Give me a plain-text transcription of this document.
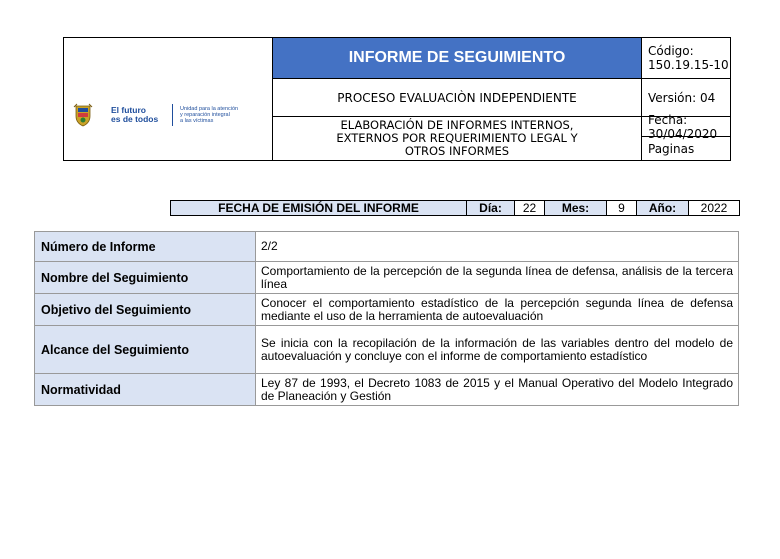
El futuro
es de todos
Unidad para la atención
y reparación integral
a las víctimas
INFORME DE SEGUIMIENTO
PROCESO EVALUACIÒN INDEPENDIENTE
ELABORACIÓN DE INFORMES INTERNOS,
EXTERNOS POR REQUERIMIENTO LEGAL Y
OTROS INFORMES
Código: 150.19.15-10
Versión: 04
Fecha: 30/04/2020
Paginas
FECHA DE EMISIÓN DEL INFORME	Día:	22	Mes:	9	Año:	2022
Número de Informe	2/2
Nombre del Seguimiento	Comportamiento de la percepción de la segunda línea de defensa, análisis de la tercera línea
Objetivo del Seguimiento	Conocer el comportamiento estadístico de la percepción segunda línea de defensa mediante el uso de la herramienta de autoevaluación
Alcance del Seguimiento	Se inicia con la recopilación de la información de las variables dentro del modelo de autoevaluación y concluye con el informe de comportamiento estadístico
Normatividad	Ley 87 de 1993, el Decreto 1083 de 2015 y el Manual Operativo del Modelo Integrado de Planeación y Gestión
